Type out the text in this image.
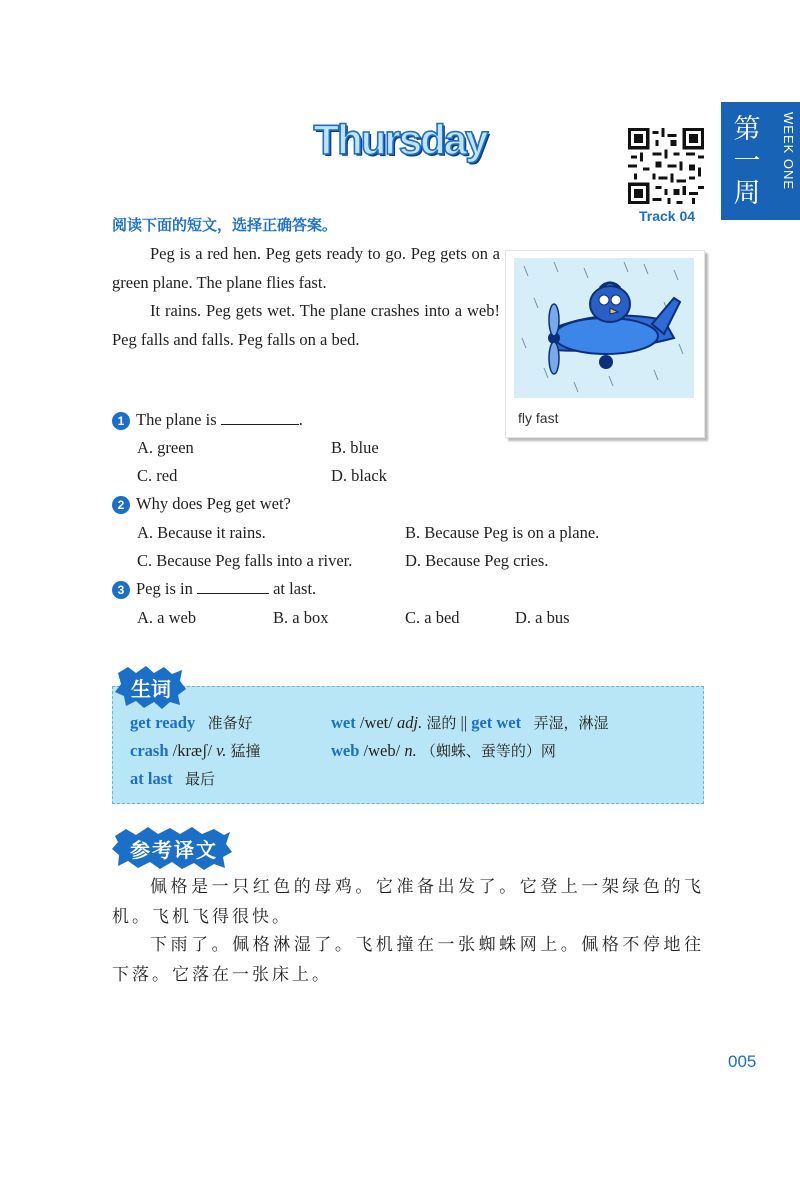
Thursday
Track 04
第
一
周
WEEK ONE
阅读下面的短文，选择正确答案。
Peg is a red hen. Peg gets ready to go. Peg gets on a green plane. The plane flies fast.
It rains. Peg gets wet. The plane crashes into a web! Peg falls and falls. Peg falls on a bed.
fly fast
1 The plane is	.
A. green	B. blue
C. red	D. black
2 Why does Peg get wet?
A. Because it rains.	B. Because Peg is on a plane.
C. Because Peg falls into a river.	D. Because Peg cries.
3 Peg is in	at last.
A. a web	B. a box	C. a bed	D. a bus
生词
get ready 准备好	wet /wet/ adj. 湿的 || get wet 弄湿，淋湿
crash /kræʃ/ v. 猛撞	web /web/ n. （蜘蛛、蚕等的）网
at last 最后
参考译文
佩格是一只红色的母鸡。它准备出发了。它登上一架绿色的飞机。飞机飞得很快。
下雨了。佩格淋湿了。飞机撞在一张蜘蛛网上。佩格不停地往下落。它落在一张床上。
005
